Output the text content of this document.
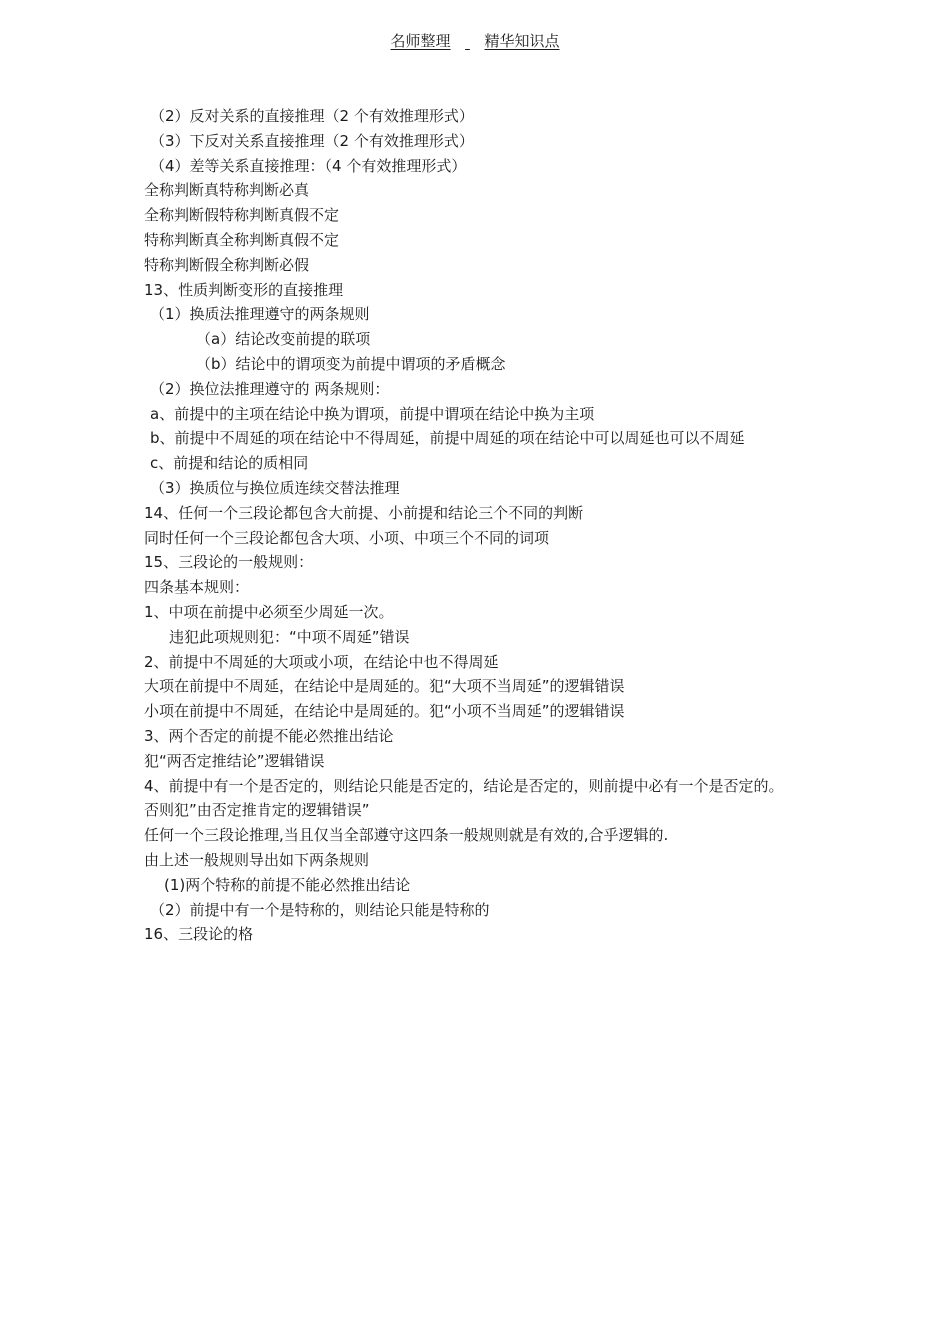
名师整理 精华知识点
（2）反对关系的直接推理（2 个有效推理形式）
（3）下反对关系直接推理（2 个有效推理形式）
（4）差等关系直接推理：（4 个有效推理形式）
全称判断真特称判断必真
全称判断假特称判断真假不定
特称判断真全称判断真假不定
特称判断假全称判断必假
13、性质判断变形的直接推理
（1）换质法推理遵守的两条规则
（a）结论改变前提的联项
（b）结论中的谓项变为前提中谓项的矛盾概念
（2）换位法推理遵守的 两条规则：
a、前提中的主项在结论中换为谓项，前提中谓项在结论中换为主项
b、前提中不周延的项在结论中不得周延，前提中周延的项在结论中可以周延也可以不周延
c、前提和结论的质相同
（3）换质位与换位质连续交替法推理
14、任何一个三段论都包含大前提、小前提和结论三个不同的判断
同时任何一个三段论都包含大项、小项、中项三个不同的词项
15、三段论的一般规则：
四条基本规则：
1、中项在前提中必须至少周延一次。
违犯此项规则犯：“中项不周延”错误
2、前提中不周延的大项或小项，在结论中也不得周延
大项在前提中不周延，在结论中是周延的。犯“大项不当周延”的逻辑错误
小项在前提中不周延，在结论中是周延的。犯“小项不当周延”的逻辑错误
3、两个否定的前提不能必然推出结论
犯“两否定推结论”逻辑错误
4、前提中有一个是否定的，则结论只能是否定的，结论是否定的，则前提中必有一个是否定的。
否则犯”由否定推肯定的逻辑错误”
任何一个三段论推理,当且仅当全部遵守这四条一般规则就是有效的,合乎逻辑的.
由上述一般规则导出如下两条规则
(1)两个特称的前提不能必然推出结论
（2）前提中有一个是特称的，则结论只能是特称的
16、三段论的格
